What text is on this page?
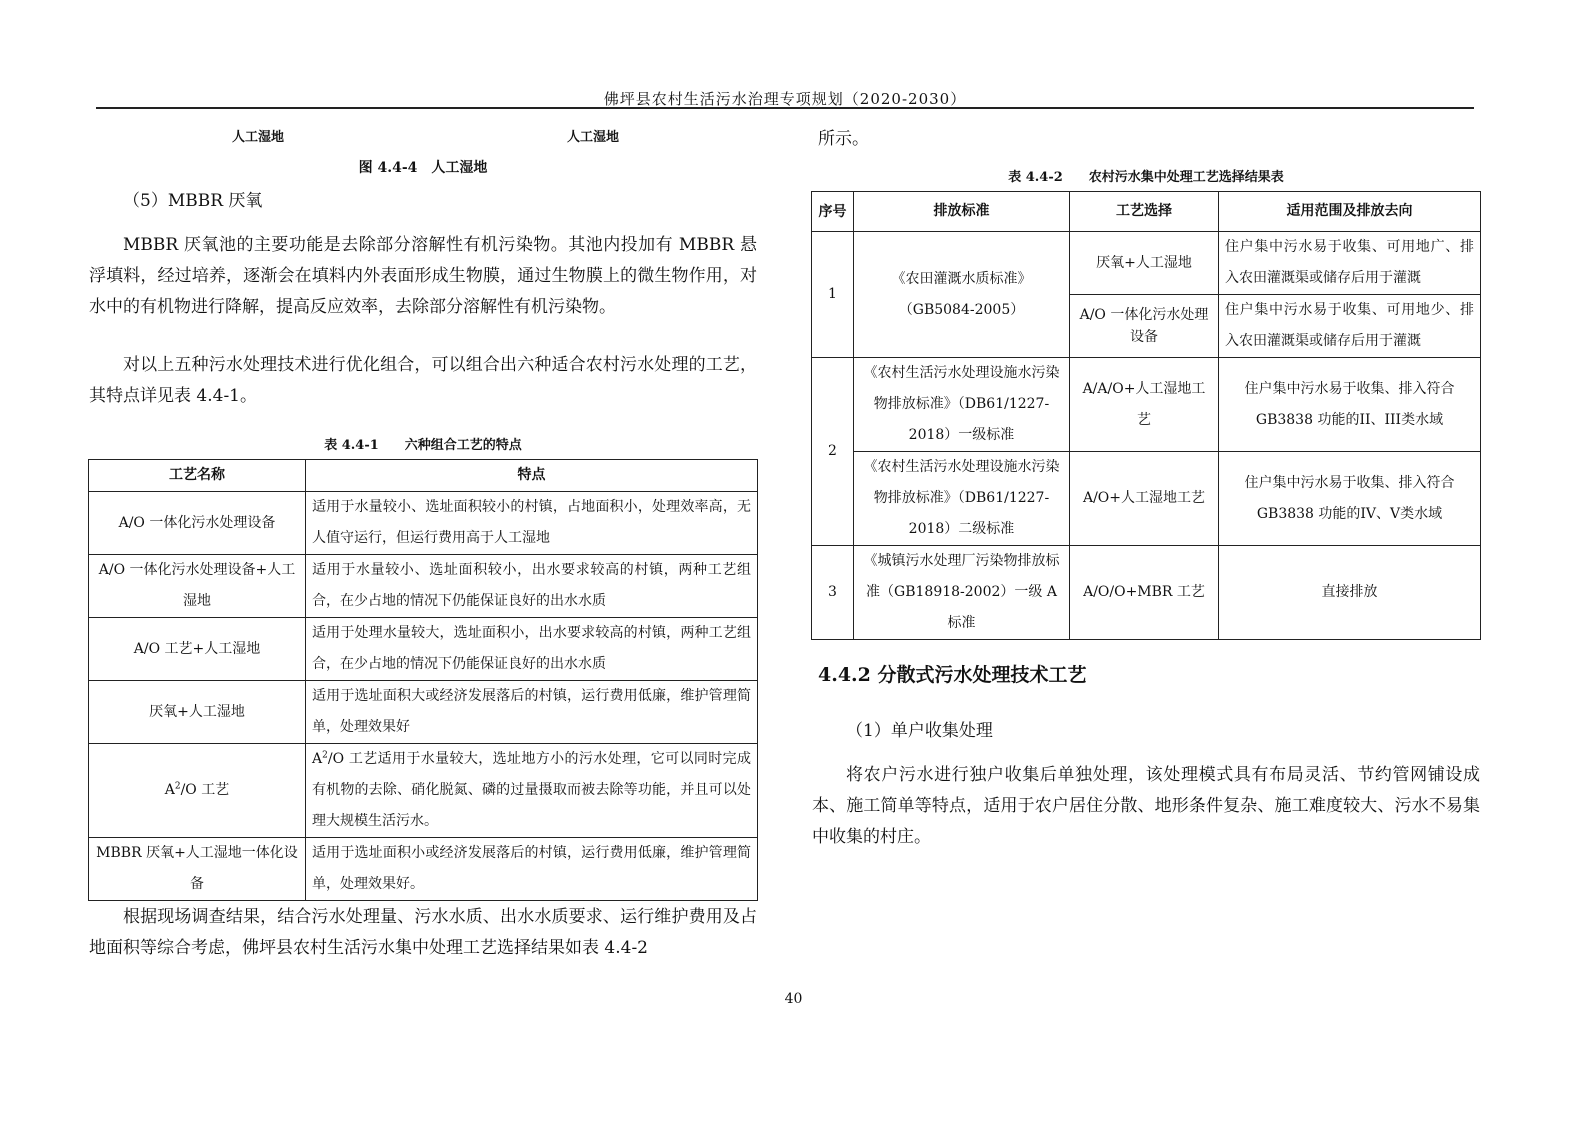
佛坪县农村生活污水治理专项规划（2020-2030）
人工湿地	人工湿地
图 4.4-4　人工湿地
（5）MBBR 厌氧

MBBR 厌氧池的主要功能是去除部分溶解性有机污染物。其池内投加有 MBBR 悬浮填料，经过培养，逐渐会在填料内外表面形成生物膜，通过生物膜上的微生物作用，对水中的有机物进行降解，提高反应效率，去除部分溶解性有机污染物。

对以上五种污水处理技术进行优化组合，可以组合出六种适合农村污水处理的工艺，其特点详见表 4.4-1。

表 4.4-1　　六种组合工艺的特点
工艺名称	特点
A/O 一体化污水处理设备	适用于水量较小、选址面积较小的村镇，占地面积小，处理效率高，无人值守运行，但运行费用高于人工湿地
A/O 一体化污水处理设备+人工湿地	适用于水量较小、选址面积较小，出水要求较高的村镇，两种工艺组合，在少占地的情况下仍能保证良好的出水水质
A/O 工艺+人工湿地	适用于处理水量较大，选址面积小，出水要求较高的村镇，两种工艺组合，在少占地的情况下仍能保证良好的出水水质
厌氧+人工湿地	适用于选址面积大或经济发展落后的村镇，运行费用低廉，维护管理简单，处理效果好
$A^2/O$ 工艺	$A^2/O$ 工艺适用于水量较大，选址地方小的污水处理，它可以同时完成有机物的去除、硝化脱氮、磷的过量摄取而被去除等功能，并且可以处理大规模生活污水。
MBBR 厌氧+人工湿地一体化设备	适用于选址面积小或经济发展落后的村镇，运行费用低廉，维护管理简单，处理效果好。

根据现场调查结果，结合污水处理量、污水水质、出水水质要求、运行维护费用及占地面积等综合考虑，佛坪县农村生活污水集中处理工艺选择结果如表 4.4-2

所示。
表 4.4-2　　农村污水集中处理工艺选择结果表
序号	排放标准	工艺选择	适用范围及排放去向
1	《农田灌溉水质标准》（GB5084-2005）	厌氧+人工湿地	住户集中污水易于收集、可用地广、排入农田灌溉渠或储存后用于灌溉
		A/O 一体化污水处理设备	住户集中污水易于收集、可用地少、排入农田灌溉渠或储存后用于灌溉
2	《农村生活污水处理设施水污染物排放标准》（DB61/1227-2018）一级标准	A/A/O+人工湿地工艺	住户集中污水易于收集、排入符合 GB3838 功能的II、III类水域
	《农村生活污水处理设施水污染物排放标准》（DB61/1227-2018）二级标准	A/O+人工湿地工艺	住户集中污水易于收集、排入符合 GB3838 功能的IV、V类水域
3	《城镇污水处理厂污染物排放标准（GB18918-2002）一级 A 标准	A/O/O+MBR 工艺	直接排放
4.4.2 分散式污水处理技术工艺
（1）单户收集处理

将农户污水进行独户收集后单独处理，该处理模式具有布局灵活、节约管网铺设成本、施工简单等特点，适用于农户居住分散、地形条件复杂、施工难度较大、污水不易集中收集的村庄。

40
